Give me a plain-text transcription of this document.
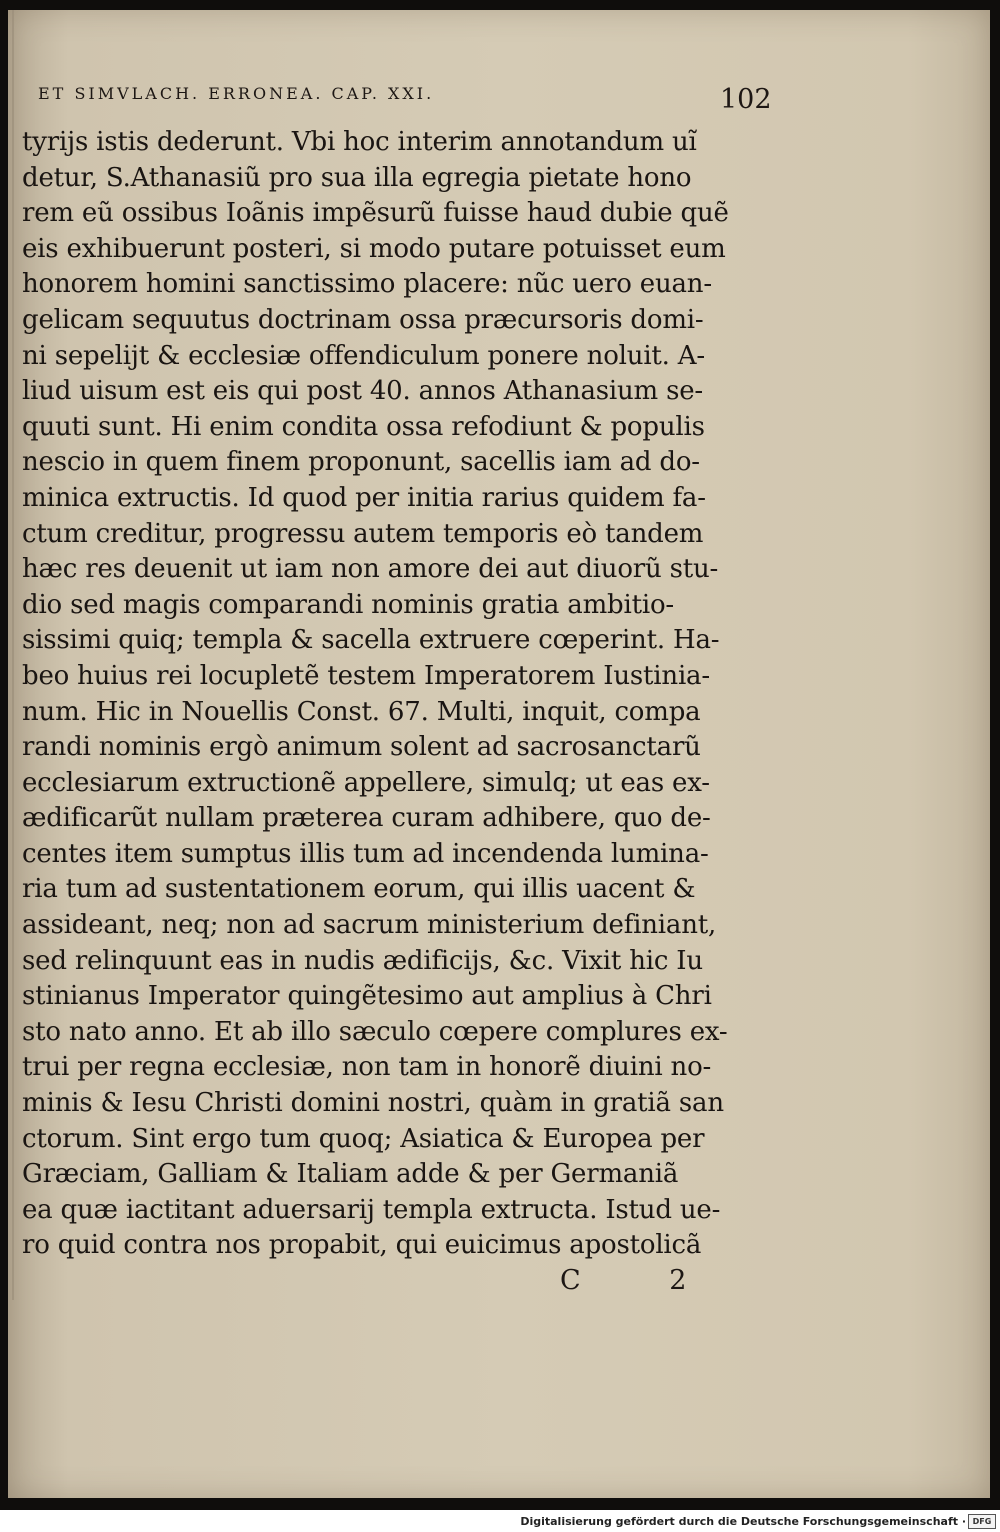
ET SIMVLACH. ERRONEA. CAP. XXI.	102
tyrijs istis dederunt. Vbi hoc interim annotandum uĩ
detur, S.Athanasiũ pro sua illa egregia pietate hono
rem eũ ossibus Ioãnis impẽsurũ fuisse haud dubie quẽ
eis exhibuerunt posteri, si modo putare potuisset eum
honorem homini sanctissimo placere: nũc uero euan-
gelicam sequutus doctrinam ossa præcursoris domi-
ni sepelijt & ecclesiæ offendiculum ponere noluit. A-
liud uisum est eis qui post 40. annos Athanasium se-
quuti sunt. Hi enim condita ossa refodiunt & populis
nescio in quem finem proponunt, sacellis iam ad do-
minica extructis. Id quod per initia rarius quidem fa-
ctum creditur, progressu autem temporis eò tandem
hæc res deuenit ut iam non amore dei aut diuorũ stu-
dio sed magis comparandi nominis gratia ambitio-
sissimi quiq; templa & sacella extruere cœperint. Ha-
beo huius rei locupletẽ testem Imperatorem Iustinia-
num. Hic in Nouellis Const. 67. Multi, inquit, compa
randi nominis ergò animum solent ad sacrosanctarũ
ecclesiarum extructionẽ appellere, simulq; ut eas ex-
ædificarũt nullam præterea curam adhibere, quo de-
centes item sumptus illis tum ad incendenda lumina-
ria tum ad sustentationem eorum, qui illis uacent &
assideant, neq; non ad sacrum ministerium definiant,
sed relinquunt eas in nudis ædificijs, &c. Vixit hic Iu
stinianus Imperator quingẽtesimo aut amplius à Chri
sto nato anno. Et ab illo sæculo cœpere complures ex-
trui per regna ecclesiæ, non tam in honorẽ diuini no-
minis & Iesu Christi domini nostri, quàm in gratiã san
ctorum. Sint ergo tum quoq; Asiatica & Europea per
Græciam, Galliam & Italiam adde & per Germaniã
ea quæ iactitant aduersarij templa extructa. Istud ue-
ro quid contra nos propabit, qui euicimus apostolicã
C 2
Digitalisierung gefördert durch die Deutsche Forschungsgemeinschaft · DFG
